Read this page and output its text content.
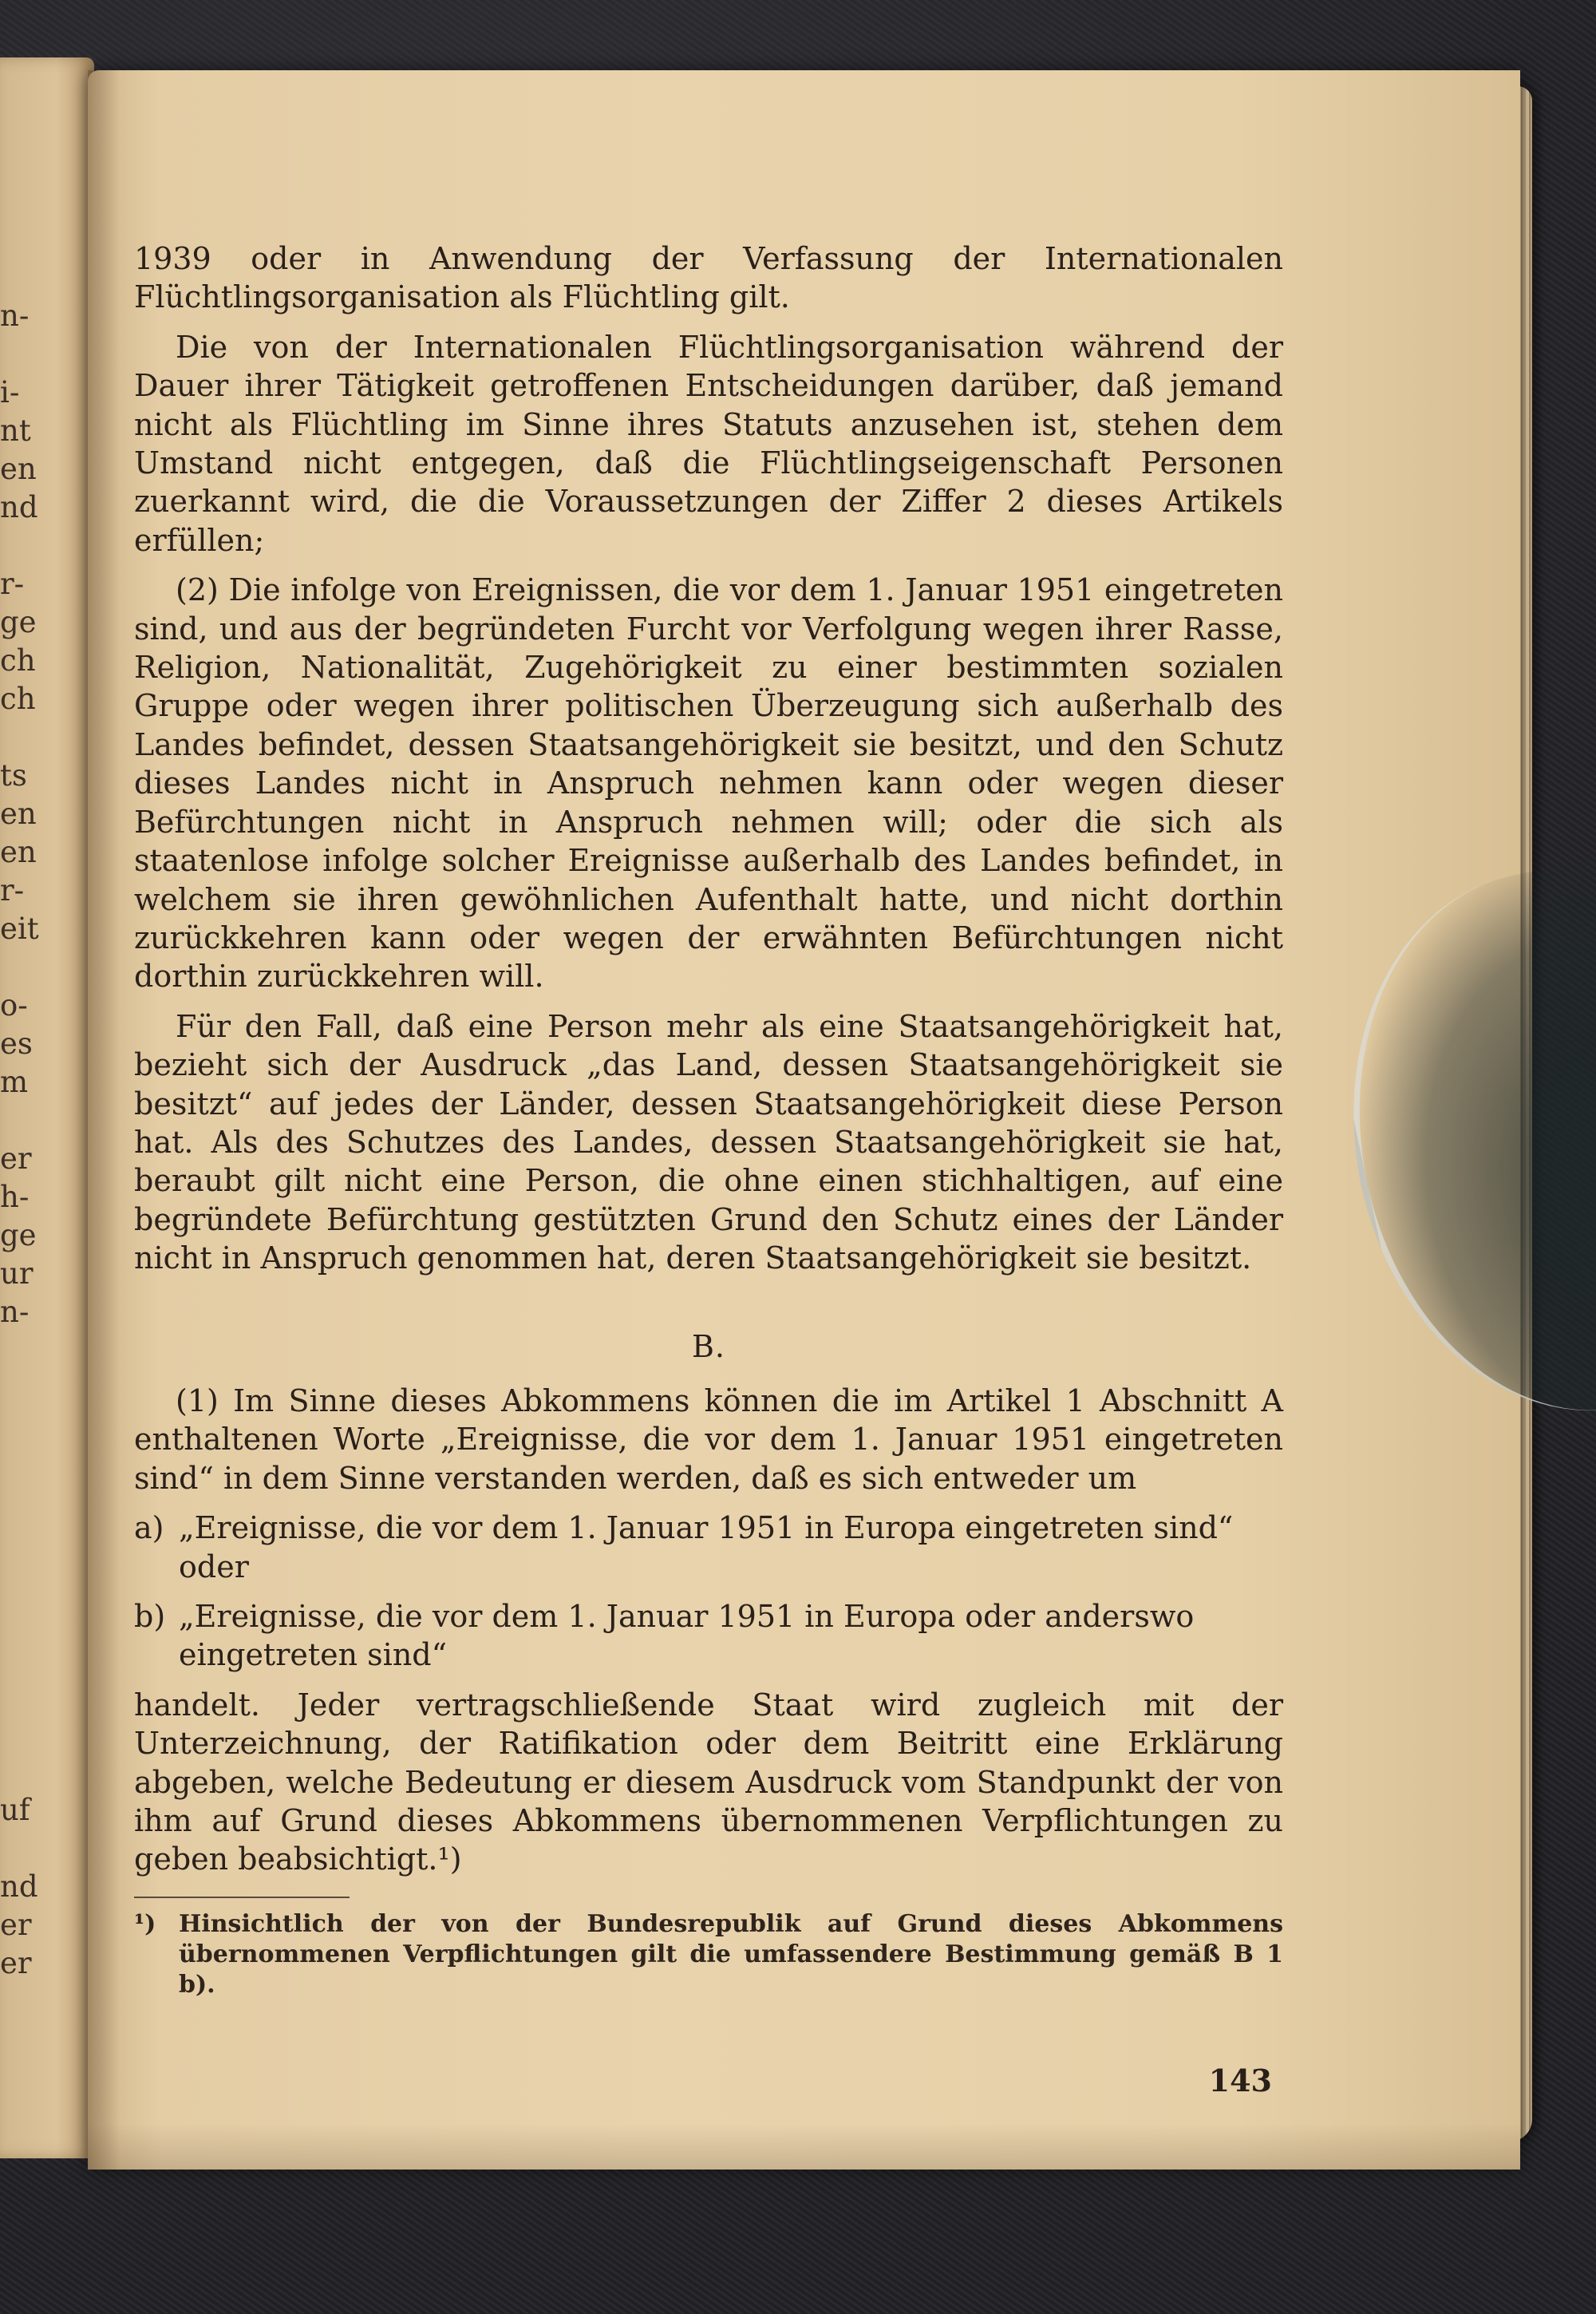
n-
i-
nt
en
nd
r-
ge
ch
ch
ts
en
en
r-
eit
o-
es
m
er
h-
ge
ur
n-
uf
nd
er
er

1939 oder in Anwendung der Verfassung der Internationalen Flüchtlingsorganisation als Flüchtling gilt.

Die von der Internationalen Flüchtlingsorganisation während der Dauer ihrer Tätigkeit getroffenen Entscheidungen darüber, daß jemand nicht als Flüchtling im Sinne ihres Statuts anzusehen ist, stehen dem Umstand nicht entgegen, daß die Flüchtlingseigenschaft Personen zuerkannt wird, die die Voraussetzungen der Ziffer 2 dieses Artikels erfüllen;

(2) Die infolge von Ereignissen, die vor dem 1. Januar 1951 eingetreten sind, und aus der begründeten Furcht vor Verfolgung wegen ihrer Rasse, Religion, Nationalität, Zugehörigkeit zu einer bestimmten sozialen Gruppe oder wegen ihrer politischen Überzeugung sich außerhalb des Landes befindet, dessen Staatsangehörigkeit sie besitzt, und den Schutz dieses Landes nicht in Anspruch nehmen kann oder wegen dieser Befürchtungen nicht in Anspruch nehmen will; oder die sich als staatenlose infolge solcher Ereignisse außerhalb des Landes befindet, in welchem sie ihren gewöhnlichen Aufenthalt hatte, und nicht dorthin zurückkehren kann oder wegen der erwähnten Befürchtungen nicht dorthin zurückkehren will.

Für den Fall, daß eine Person mehr als eine Staatsangehörigkeit hat, bezieht sich der Ausdruck „das Land, dessen Staatsangehörigkeit sie besitzt“ auf jedes der Länder, dessen Staatsangehörigkeit diese Person hat. Als des Schutzes des Landes, dessen Staatsangehörigkeit sie hat, beraubt gilt nicht eine Person, die ohne einen stichhaltigen, auf eine begründete Befürchtung gestützten Grund den Schutz eines der Länder nicht in Anspruch genommen hat, deren Staatsangehörigkeit sie besitzt.

B.

(1) Im Sinne dieses Abkommens können die im Artikel 1 Abschnitt A enthaltenen Worte „Ereignisse, die vor dem 1. Januar 1951 eingetreten sind“ in dem Sinne verstanden werden, daß es sich entweder um

a) „Ereignisse, die vor dem 1. Januar 1951 in Europa eingetreten sind“ oder
b) „Ereignisse, die vor dem 1. Januar 1951 in Europa oder anderswo eingetreten sind“

handelt. Jeder vertragschließende Staat wird zugleich mit der Unterzeichnung, der Ratifikation oder dem Beitritt eine Erklärung abgeben, welche Bedeutung er diesem Ausdruck vom Standpunkt der von ihm auf Grund dieses Abkommens übernommenen Verpflichtungen zu geben beabsichtigt.¹)

¹) Hinsichtlich der von der Bundesrepublik auf Grund dieses Abkommens übernommenen Verpflichtungen gilt die umfassendere Bestimmung gemäß B 1 b).
143
